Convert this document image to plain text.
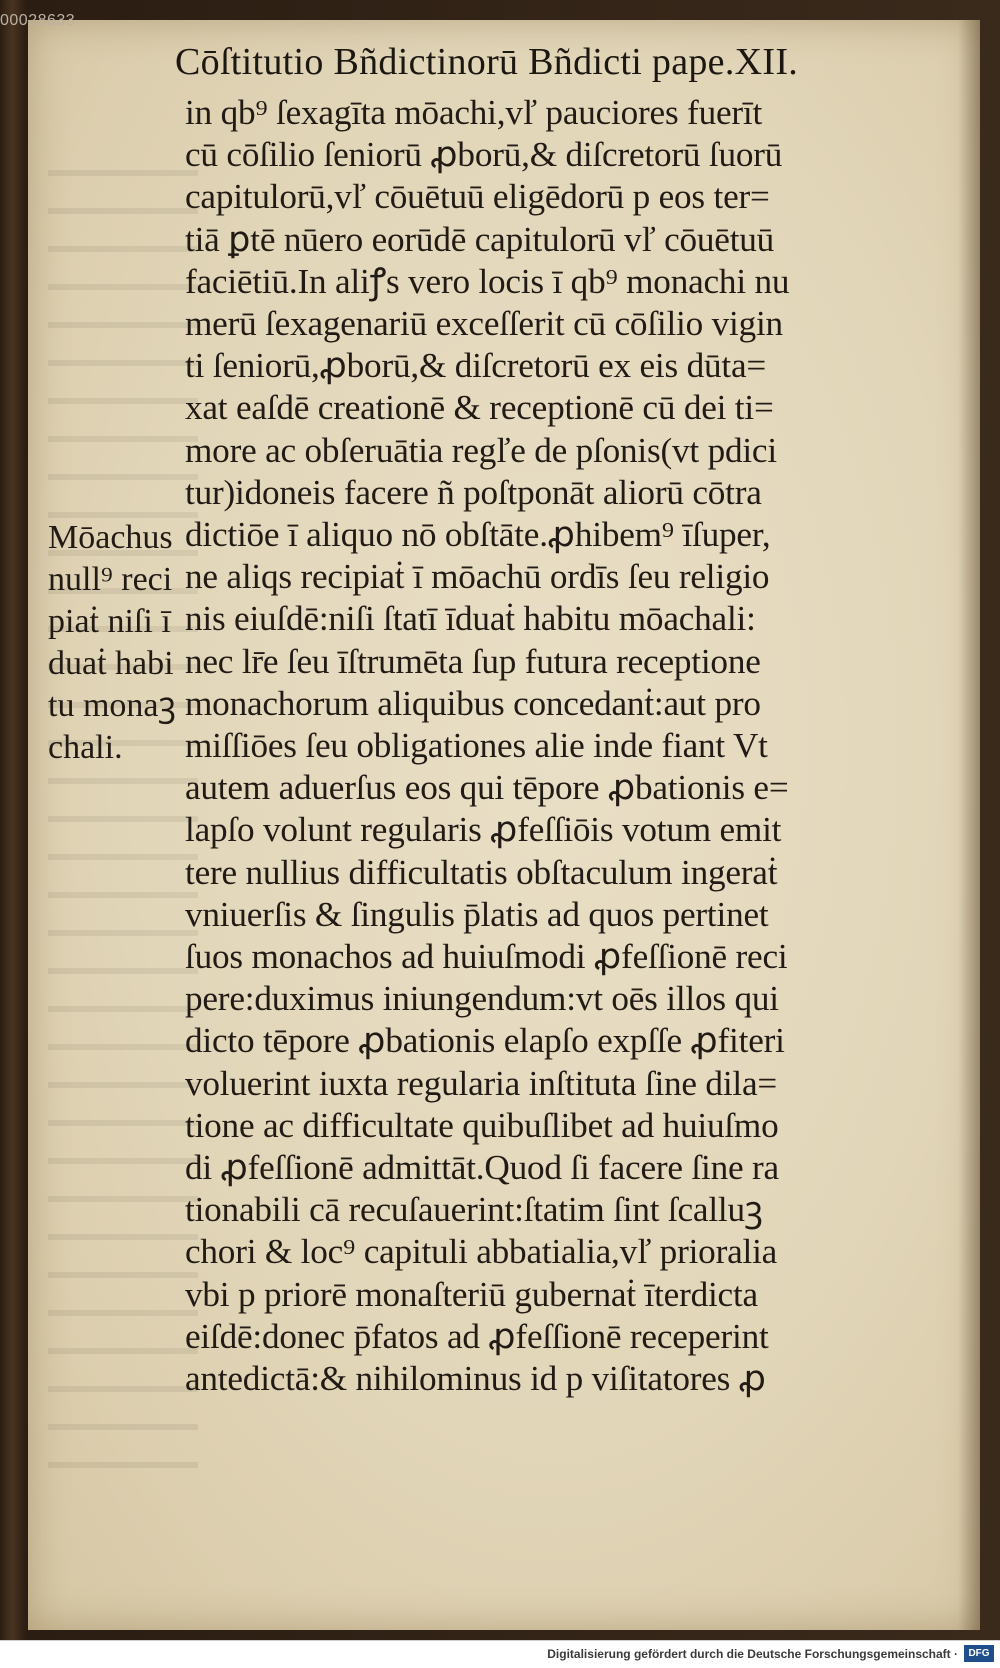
00028633
Cōſtitutio Bñdictinorū Bñdicti pape.XII.
in qb⁹ ſexagīta mōachi,vľ pauciores fuerīt
cū cōſilio ſeniorū ꝓborū,& diſcretorū ſuorū
capitulorū,vľ cōuētuū eligēdorū p eos ter=
tiā ꝑtē nūero eorūdē capitulorū vľ cōuētuū
faciētiū.In aliꝭs vero locis ī qb⁹ monachi nu
merū ſexagenariū exceſſerit cū cōſilio vigin
ti ſeniorū,ꝓborū,& diſcretorū ex eis dūta=
xat eaſdē creationē & receptionē cū dei ti=
more ac obſeruātia regľe de pſonis(vt pdici
tur)idoneis facere ñ poſtponāt aliorū cōtra
dictiōe ī aliquo nō obſtāte.ꝓhibem⁹ īſuper,
ne aliqs recipiaṫ ī mōachū ordīs ſeu religio
nis eiuſdē:niſi ſtatī īduaṫ habitu mōachali:
nec lr̄e ſeu īſtrumēta ſup futura receptione
monachorum aliquibus concedanṫ:aut pro
miſſiōes ſeu obligationes alie inde fiant Vt
autem aduerſus eos qui tēpore ꝓbationis e=
lapſo volunt regularis ꝓfeſſiōis votum emit
tere nullius difficultatis obſtaculum ingeraṫ
vniuerſis & ſingulis p̄latis ad quos pertinet
ſuos monachos ad huiuſmodi ꝓfeſſionē reci
pere:duximus iniungendum:vt oēs illos qui
dicto tēpore ꝓbationis elapſo expſſe ꝓfiteri
voluerint iuxta regularia inſtituta ſine dila=
tione ac difficultate quibuſlibet ad huiuſmo
di ꝓfeſſionē admittāt.Quod ſi facere ſine ra
tionabili cā recuſauerint:ſtatim ſint ſcalluꝫ
chori & loc⁹ capituli abbatialia,vľ prioralia
vbi p priorē monaſteriū gubernaṫ īterdicta
eiſdē:donec p̄fatos ad ꝓfeſſionē receperint
antedictā:& nihilominus id p viſitatores ꝓ
Mōachus
null⁹ reci
piaṫ niſi ī
duaṫ habi
tu monaꝫ
chali.
Digitalisierung gefördert durch die Deutsche Forschungsgemeinschaft ·	DFG
